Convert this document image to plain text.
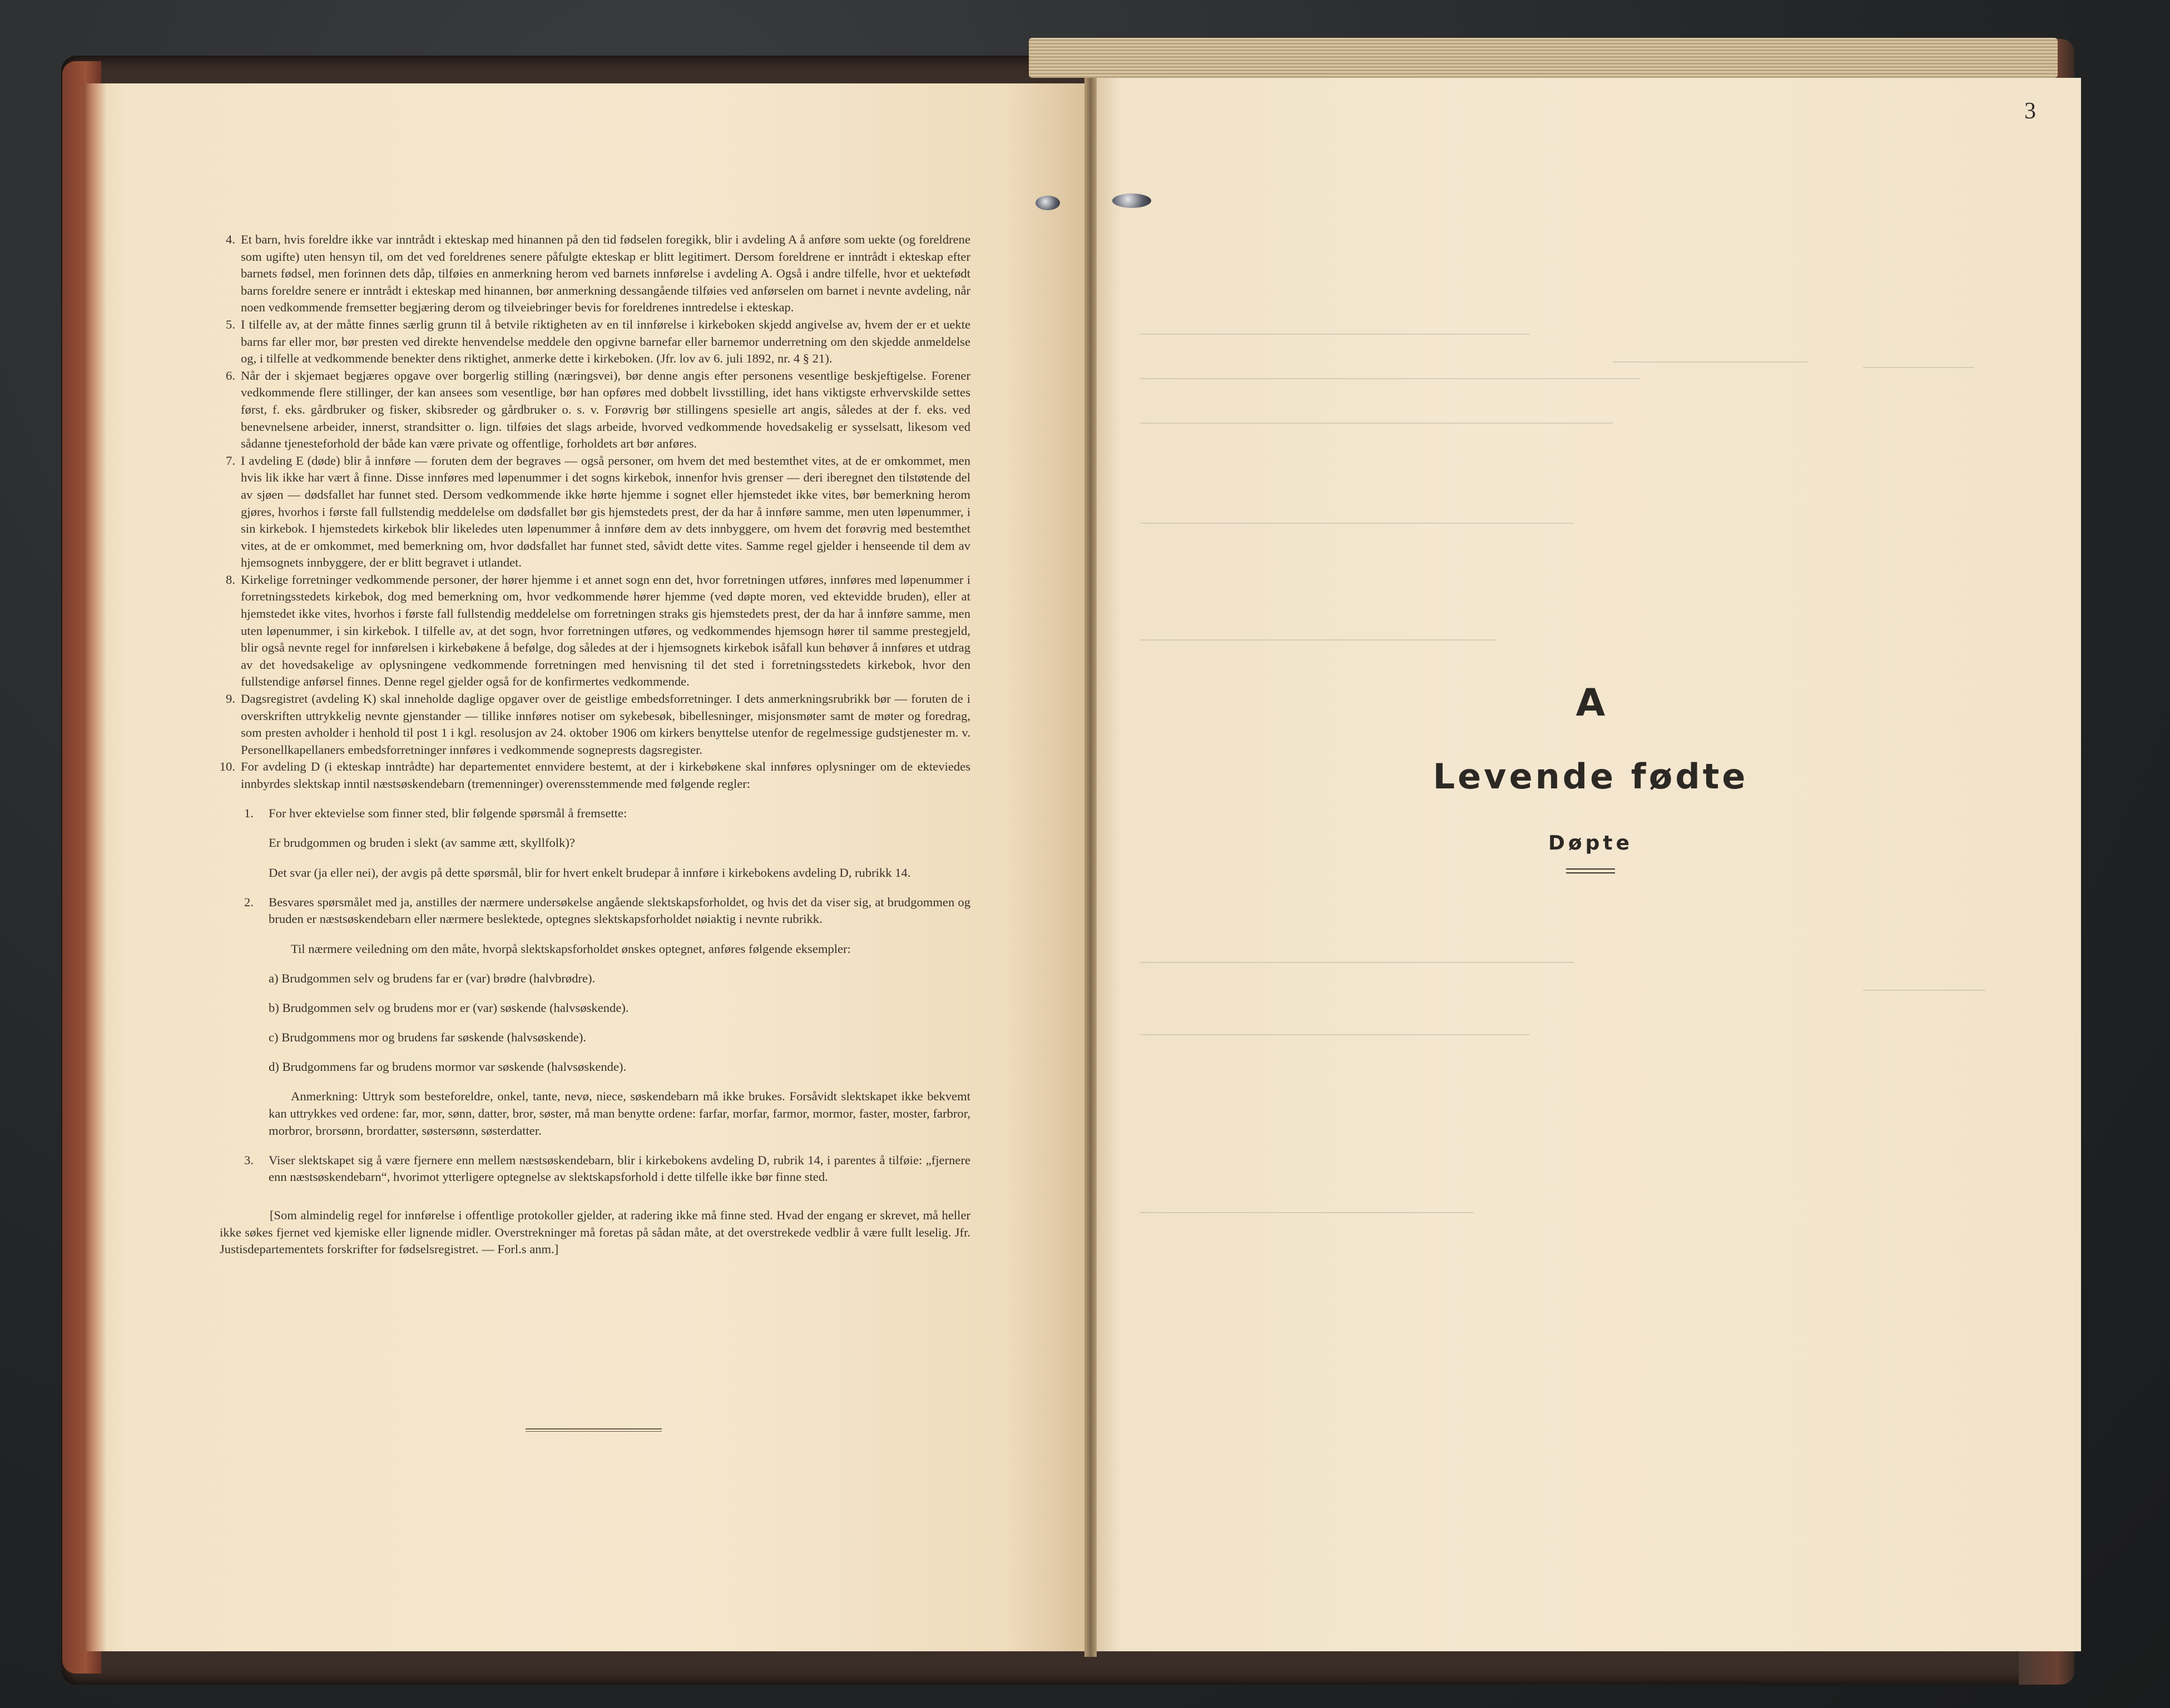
4. Et barn, hvis foreldre ikke var inntrådt i ekteskap med hinannen på den tid fødselen foregikk, blir i avdeling A å anføre som uekte (og foreldrene som ugifte) uten hensyn til, om det ved foreldrenes senere påfulgte ekteskap er blitt legitimert. Dersom foreldrene er inntrådt i ekteskap efter barnets fødsel, men forinnen dets dåp, tilføies en anmerkning herom ved barnets innførelse i avdeling A. Også i andre tilfelle, hvor et uektefødt barns foreldre senere er inntrådt i ekteskap med hinannen, bør anmerkning dessangående tilføies ved anførselen om barnet i nevnte avdeling, når noen vedkommende fremsetter begjæring derom og tilveiebringer bevis for foreldrenes inntredelse i ekteskap.

5. I tilfelle av, at der måtte finnes særlig grunn til å betvile riktigheten av en til innførelse i kirkeboken skjedd angivelse av, hvem der er et uekte barns far eller mor, bør presten ved direkte henvendelse meddele den opgivne barnefar eller barnemor underretning om den skjedde anmeldelse og, i tilfelle at vedkommende benekter dens riktighet, anmerke dette i kirkeboken. (Jfr. lov av 6. juli 1892, nr. 4 § 21).

6. Når der i skjemaet begjæres opgave over borgerlig stilling (næringsvei), bør denne angis efter personens vesentlige beskjeftigelse. Forener vedkommende flere stillinger, der kan ansees som vesentlige, bør han opføres med dobbelt livsstilling, idet hans viktigste erhvervskilde settes først, f. eks. gårdbruker og fisker, skibsreder og gårdbruker o. s. v. Forøvrig bør stillingens spesielle art angis, således at der f. eks. ved benevnelsene arbeider, innerst, strandsitter o. lign. tilføies det slags arbeide, hvorved vedkommende hovedsakelig er sysselsatt, likesom ved sådanne tjenesteforhold der både kan være private og offentlige, forholdets art bør anføres.

7. I avdeling E (døde) blir å innføre — foruten dem der begraves — også personer, om hvem det med bestemthet vites, at de er omkommet, men hvis lik ikke har vært å finne. Disse innføres med løpenummer i det sogns kirkebok, innenfor hvis grenser — deri iberegnet den tilstøtende del av sjøen — dødsfallet har funnet sted. Dersom vedkommende ikke hørte hjemme i sognet eller hjemstedet ikke vites, bør bemerkning herom gjøres, hvorhos i første fall fullstendig meddelelse om dødsfallet bør gis hjemstedets prest, der da har å innføre samme, men uten løpenummer, i sin kirkebok. I hjemstedets kirkebok blir likeledes uten løpenummer å innføre dem av dets innbyggere, om hvem det forøvrig med bestemthet vites, at de er omkommet, med bemerkning om, hvor dødsfallet har funnet sted, såvidt dette vites. Samme regel gjelder i henseende til dem av hjemsognets innbyggere, der er blitt begravet i utlandet.

8. Kirkelige forretninger vedkommende personer, der hører hjemme i et annet sogn enn det, hvor forretningen utføres, innføres med løpenummer i forretningsstedets kirkebok, dog med bemerkning om, hvor vedkommende hører hjemme (ved døpte moren, ved ektevidde bruden), eller at hjemstedet ikke vites, hvorhos i første fall fullstendig meddelelse om forretningen straks gis hjemstedets prest, der da har å innføre samme, men uten løpenummer, i sin kirkebok. I tilfelle av, at det sogn, hvor forretningen utføres, og vedkommendes hjemsogn hører til samme prestegjeld, blir også nevnte regel for innførelsen i kirkebøkene å befølge, dog således at der i hjemsognets kirkebok isåfall kun behøver å innføres et utdrag av det hovedsakelige av oplysningene vedkommende forretningen med henvisning til det sted i forretningsstedets kirkebok, hvor den fullstendige anførsel finnes. Denne regel gjelder også for de konfirmertes vedkommende.

9. Dagsregistret (avdeling K) skal inneholde daglige opgaver over de geistlige embedsforretninger. I dets anmerkningsrubrikk bør — foruten de i overskriften uttrykkelig nevnte gjenstander — tillike innføres notiser om sykebesøk, bibellesninger, misjonsmøter samt de møter og foredrag, som presten avholder i henhold til post 1 i kgl. resolusjon av 24. oktober 1906 om kirkers benyttelse utenfor de regelmessige gudstjenester m. v. Personellkapellaners embedsforretninger innføres i vedkommende sogneprests dagsregister.

10. For avdeling D (i ekteskap inntrådte) har departementet ennvidere bestemt, at der i kirkebøkene skal innføres oplysninger om de ekteviedes innbyrdes slektskap inntil næstsøskendebarn (tremenninger) overensstemmende med følgende regler:

1. For hver ektevielse som finner sted, blir følgende spørsmål å fremsette:

Er brudgommen og bruden i slekt (av samme ætt, skyllfolk)?

Det svar (ja eller nei), der avgis på dette spørsmål, blir for hvert enkelt brudepar å innføre i kirkebokens avdeling D, rubrikk 14.

2. Besvares spørsmålet med ja, anstilles der nærmere undersøkelse angående slektskapsforholdet, og hvis det da viser sig, at brudgommen og bruden er næstsøskendebarn eller nærmere beslektede, optegnes slektskapsforholdet nøiaktig i nevnte rubrikk.

Til nærmere veiledning om den måte, hvorpå slektskapsforholdet ønskes optegnet, anføres følgende eksempler:

a) Brudgommen selv og brudens far er (var) brødre (halvbrødre).

b) Brudgommen selv og brudens mor er (var) søskende (halvsøskende).

c) Brudgommens mor og brudens far søskende (halvsøskende).

d) Brudgommens far og brudens mormor var søskende (halvsøskende).

Anmerkning: Uttryk som besteforeldre, onkel, tante, nevø, niece, søskendebarn må ikke brukes. Forsåvidt slektskapet ikke bekvemt kan uttrykkes ved ordene: far, mor, sønn, datter, bror, søster, må man benytte ordene: farfar, morfar, farmor, mormor, faster, moster, farbror, morbror, brorsønn, brordatter, søstersønn, søsterdatter.

3. Viser slektskapet sig å være fjernere enn mellem næstsøskendebarn, blir i kirkebokens avdeling D, rubrik 14, i parentes å tilføie: „fjernere enn næstsøskendebarn“, hvorimot ytterligere optegnelse av slektskapsforhold i dette tilfelle ikke bør finne sted.

[Som almindelig regel for innførelse i offentlige protokoller gjelder, at radering ikke må finne sted. Hvad der engang er skrevet, må heller ikke søkes fjernet ved kjemiske eller lignende midler. Overstrekninger må foretas på sådan måte, at det overstrekede vedblir å være fullt leselig. Jfr. Justisdepartementets forskrifter for fødselsregistret. — Forl.s anm.]

3
A
Levende fødte
Døpte
